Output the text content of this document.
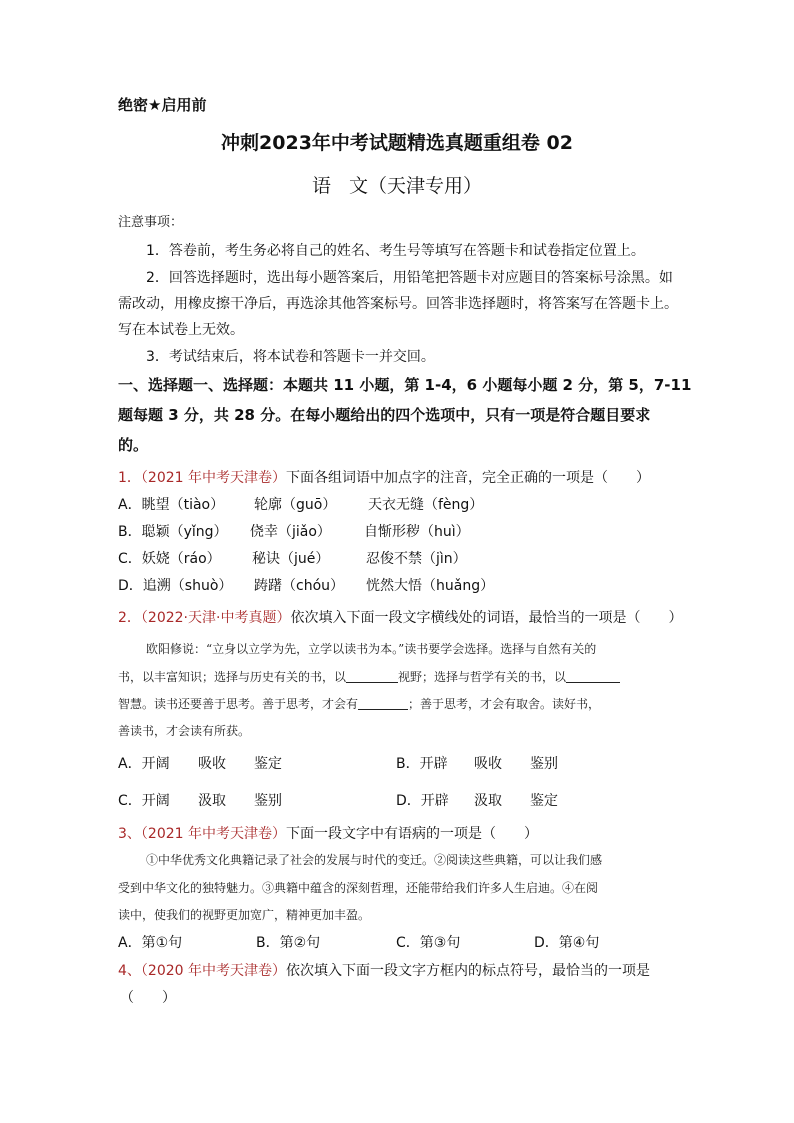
绝密★启用前
冲刺2023年中考试题精选真题重组卷 02
语 文（天津专用）
注意事项：
1．答卷前，考生务必将自己的姓名、考生号等填写在答题卡和试卷指定位置上。
2．回答选择题时，选出每小题答案后，用铅笔把答题卡对应题目的答案标号涂黑。如
需改动，用橡皮擦干净后，再选涂其他答案标号。回答非选择题时，将答案写在答题卡上。
写在本试卷上无效。
3．考试结束后，将本试卷和答题卡一并交回。
一、选择题一、选择题：本题共 11 小题，第 1-4，6 小题每小题 2 分，第 5，7-11
题每题 3 分，共 28 分。在每小题给出的四个选项中，只有一项是符合题目要求
的。
1．（2021 年中考天津卷）下面各组词语中加点字的注音，完全正确的一项是（　　）
A．眺望（tiào） 轮廓（guō） 天衣无缝（fèng）
B．聪颖（yǐng） 侥幸（jiǎo） 自惭形秽（huì）
C．妖娆（ráo） 秘诀（jué）	忍俊不禁（jìn）
D．追溯（shuò） 踌躇（chóu） 恍然大悟（huǎng）
2．（2022·天津·中考真题）依次填入下面一段文字横线处的词语，最恰当的一项是（　　）
欧阳修说：“立身以立学为先，立学以读书为本。”读书要学会选择。选择与自然有关的
书，以丰富知识；选择与历史有关的书，以	视野；选择与哲学有关的书，以
智慧。读书还要善于思考。善于思考，才会有	；善于思考，才会有取舍。读好书，
善读书，才会读有所获。
A．开阔 吸收 鉴定	B．开辟 吸收 鉴别
C．开阔 汲取 鉴别	D．开辟 汲取 鉴定
3、（2021 年中考天津卷）下面一段文字中有语病的一项是（　　）
①中华优秀文化典籍记录了社会的发展与时代的变迁。②阅读这些典籍，可以让我们感
受到中华文化的独特魅力。③典籍中蕴含的深刻哲理，还能带给我们许多人生启迪。④在阅
读中，使我们的视野更加宽广，精神更加丰盈。
A．第①句	B．第②句	C．第③句	D．第④句
4、（2020 年中考天津卷）依次填入下面一段文字方框内的标点符号，最恰当的一项是
（　　）
